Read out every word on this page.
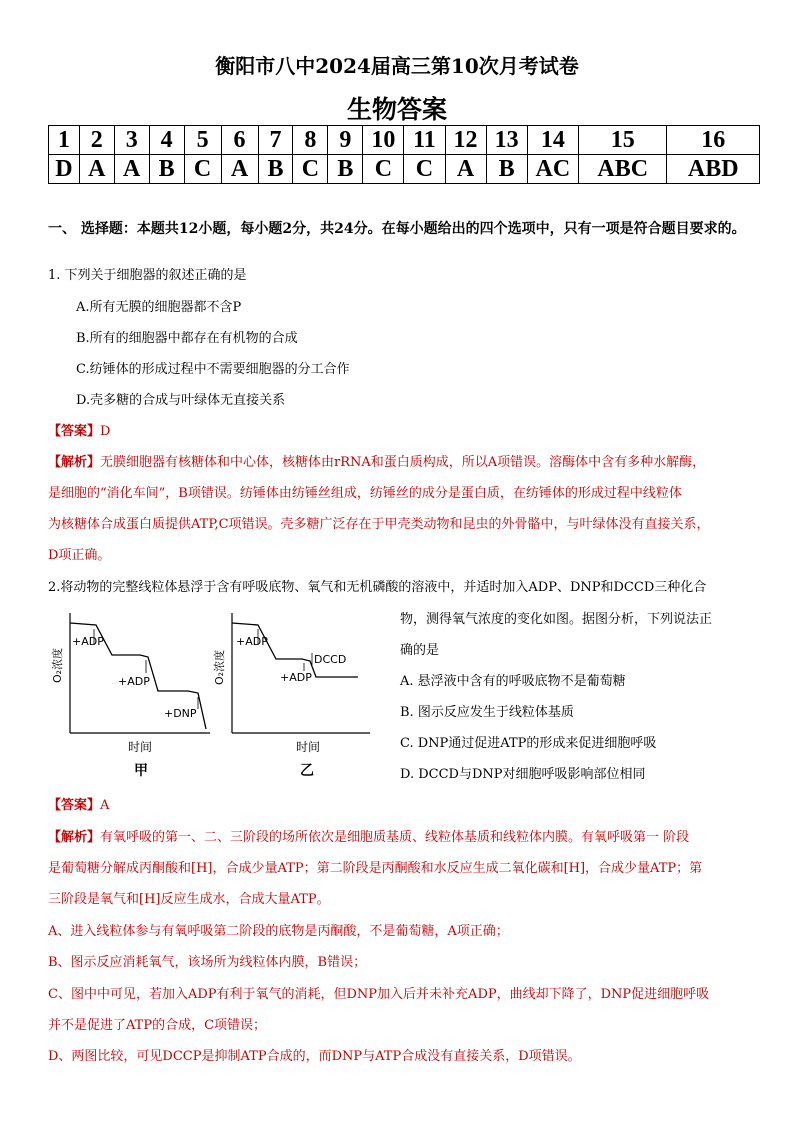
衡阳市八中2024届高三第10次月考试卷
生物答案
1	2	3	4	5	6	7	8	9	10	11	12	13	14	15	16
D	A	A	B	C	A	B	C	B	C	C	A	B	AC	ABC	ABD
一、 选择题：本题共12小题，每小题2分，共24分。在每小题给出的四个选项中，只有一项是符合题目要求的。
1. 下列关于细胞器的叙述正确的是
A.所有无膜的细胞器都不含P
B.所有的细胞器中都存在有机物的合成
C.纺锤体的形成过程中不需要细胞器的分工合作
D.壳多糖的合成与叶绿体无直接关系
【答案】D
【解析】无膜细胞器有核糖体和中心体，核糖体由rRNA和蛋白质构成，所以A项错误。溶酶体中含有多种水解酶，
是细胞的“消化车间”，B项错误。纺锤体由纺锤丝组成，纺锤丝的成分是蛋白质，在纺锤体的形成过程中线粒体
为核糖体合成蛋白质提供ATP,C项错误。壳多糖广泛存在于甲壳类动物和昆虫的外骨骼中，与叶绿体没有直接关系，
D项正确。
2.将动物的完整线粒体悬浮于含有呼吸底物、氧气和无机磷酸的溶液中，并适时加入ADP、DNP和DCCD三种化合
物，测得氧气浓度的变化如图。据图分析，下列说法正
确的是
A. 悬浮液中含有的呼吸底物不是葡萄糖
B. 图示反应发生于线粒体基质
C. DNP通过促进ATP的形成来促进细胞呼吸
D. DCCD与DNP对细胞呼吸影响部位相同
O₂浓度
+ADP
+ADP
+DNP
时间
甲
O₂浓度
+ADP
+ADP
DCCD
时间
乙
【答案】A
【解析】有氧呼吸的第一、二、三阶段的场所依次是细胞质基质、线粒体基质和线粒体内膜。有氧呼吸第一 阶段
是葡萄糖分解成丙酮酸和[H]，合成少量ATP；第二阶段是丙酮酸和水反应生成二氧化碳和[H]，合成少量ATP；第
三阶段是氧气和[H]反应生成水，合成大量ATP。
A、进入线粒体参与有氧呼吸第二阶段的底物是丙酮酸，不是葡萄糖，A项正确；
B、图示反应消耗氧气，该场所为线粒体内膜，B错误；
C、图中中可见，若加入ADP有利于氧气的消耗，但DNP加入后并未补充ADP，曲线却下降了，DNP促进细胞呼吸
并不是促进了ATP的合成，C项错误；
D、两图比较，可见DCCP是抑制ATP合成的，而DNP与ATP合成没有直接关系，D项错误。
